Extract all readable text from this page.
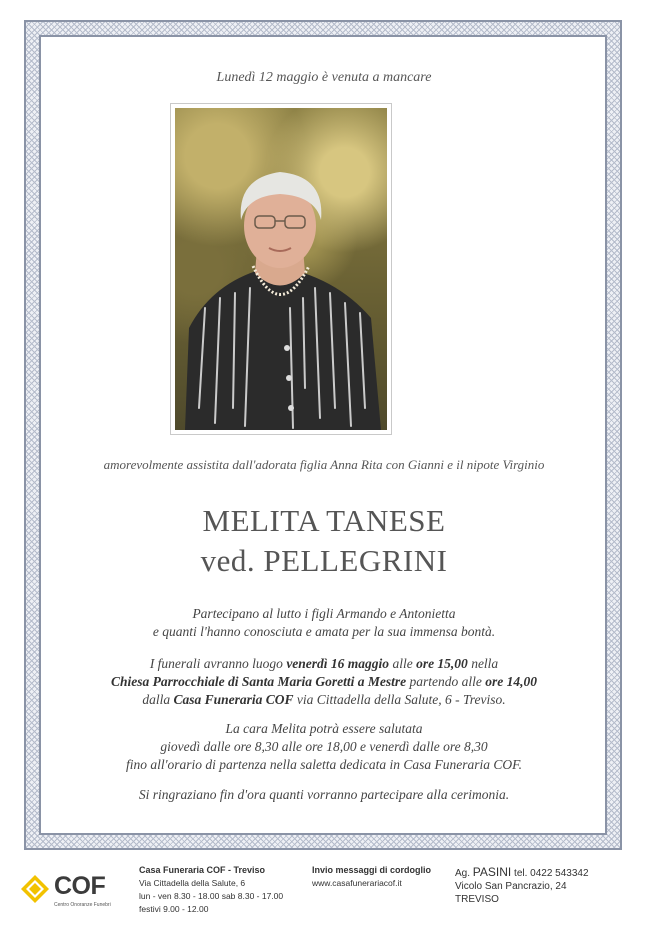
Lunedì 12 maggio è venuta a mancare
amorevolmente assistita dall'adorata figlia Anna Rita con Gianni e il nipote Virginio
MELITA TANESE
ved. PELLEGRINI
Partecipano al lutto i figli Armando e Antonietta
e quanti l'hanno conosciuta e amata per la sua immensa bontà.
I funerali avranno luogo venerdì 16 maggio alle ore 15,00 nella
Chiesa Parrocchiale di Santa Maria Goretti a Mestre partendo alle ore 14,00
dalla Casa Funeraria COF via Cittadella della Salute, 6 - Treviso.
La cara Melita potrà essere salutata
giovedì dalle ore 8,30 alle ore 18,00 e venerdì dalle ore 8,30
fino all'orario di partenza nella saletta dedicata in Casa Funeraria COF.
Si ringraziano fin d'ora quanti vorranno partecipare alla cerimonia.
COF
Centro Onoranze Funebri
Casa Funeraria COF - Treviso
Via Cittadella della Salute, 6
lun - ven 8.30 - 18.00 sab 8.30 - 17.00
festivi 9.00 - 12.00
Invio messaggi di cordoglio
www.casafunerariacof.it
Ag. PASINI tel. 0422 543342
Vicolo San Pancrazio, 24
TREVISO
